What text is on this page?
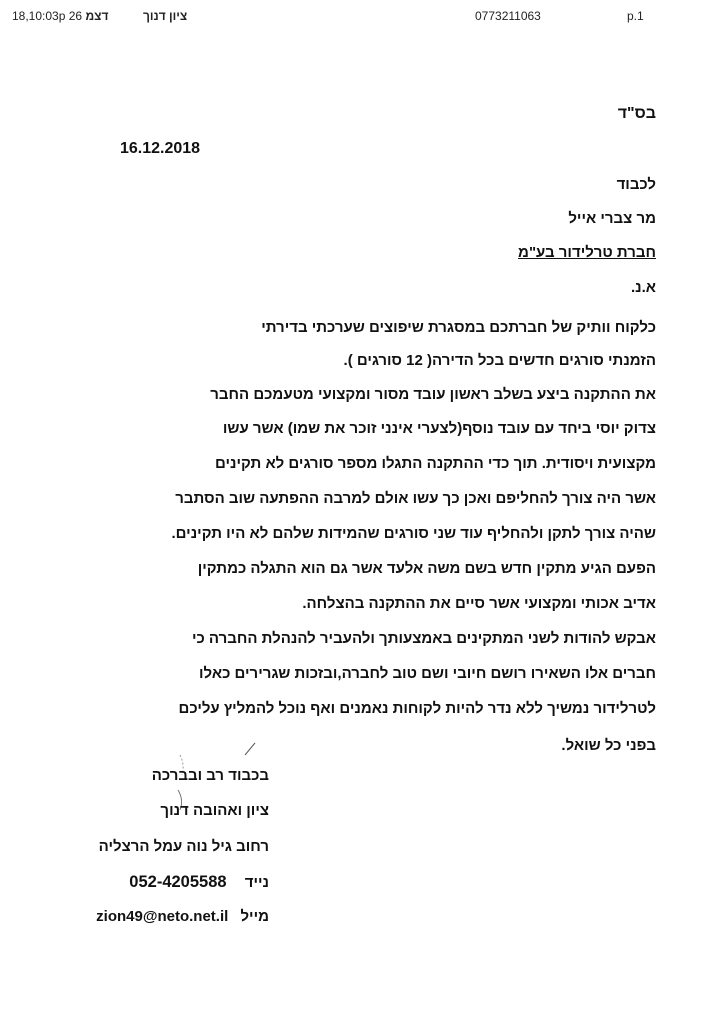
18,10:03p דצמ 26	ציון דנוך	0773211063	p.1
בס"ד
16.12.2018
לכבוד
מר צברי אייל
חברת טרלידור בע"מ
א.נ.
כלקוח וותיק של חברתכם במסגרת שיפוצים שערכתי בדירתי
הזמנתי סורגים חדשים בכל הדירה( 12 סורגים ).
את ההתקנה ביצע בשלב ראשון עובד מסור ומקצועי מטעמכם החבר
צדוק יוסי ביחד עם עובד נוסף(לצערי אינני זוכר את שמו) אשר עשו
מקצועית ויסודית. תוך כדי ההתקנה התגלו מספר סורגים לא תקינים
אשר היה צורך להחליפם ואכן כך עשו אולם למרבה ההפתעה שוב הסתבר
שהיה צורך לתקן ולהחליף עוד שני סורגים שהמידות שלהם לא היו תקינים.
הפעם הגיע מתקין חדש בשם משה אלעד אשר גם הוא התגלה כמתקין
אדיב אכותי ומקצועי אשר סיים את ההתקנה בהצלחה.
אבקש להודות לשני המתקינים באמצעותך ולהעביר להנהלת החברה כי
חברים אלו השאירו רושם חיובי ושם טוב לחברה,ובזכות שגרירים כאלו
לטרלידור נמשיך ללא נדר להיות לקוחות נאמנים ואף נוכל להמליץ עליכם
בפני כל שואל.
בכבוד רב ובברכה
ציון ואהובה דנוך
רחוב גיל נוה עמל הרצליה
נייד 052-4205588
מייל zion49@neto.net.il
